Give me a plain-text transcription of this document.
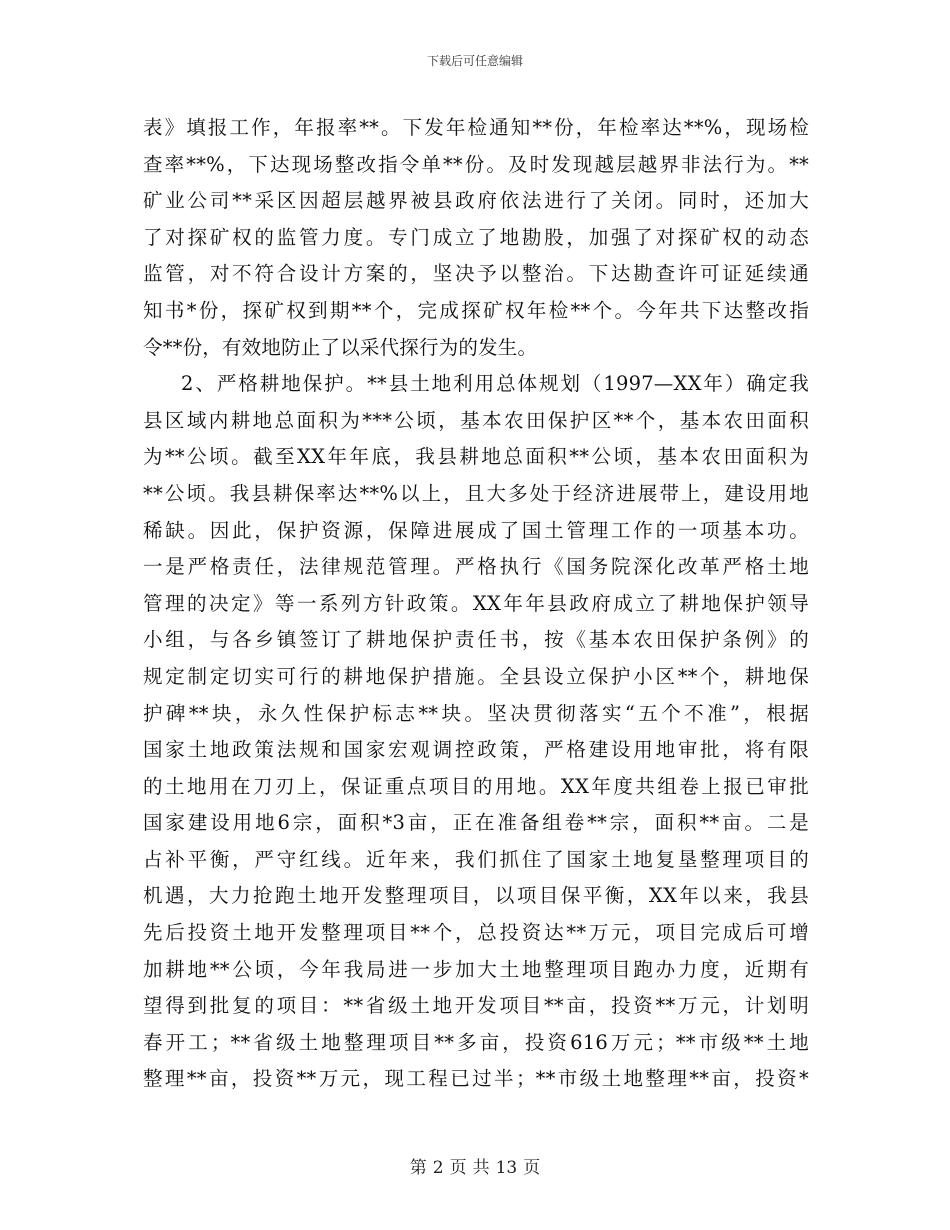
下载后可任意编辑
表》填报工作，年报率**。下发年检通知**份，年检率达**%，现场检
查率**%，下达现场整改指令单**份。及时发现越层越界非法行为。**
矿业公司**采区因超层越界被县政府依法进行了关闭。同时，还加大
了对探矿权的监管力度。专门成立了地勘股，加强了对探矿权的动态
监管，对不符合设计方案的，坚决予以整治。下达勘查许可证延续通
知书*份，探矿权到期**个，完成探矿权年检**个。今年共下达整改指
令**份，有效地防止了以采代探行为的发生。
2、严格耕地保护。**县土地利用总体规划（1997—XX年）确定我
县区域内耕地总面积为***公顷，基本农田保护区**个，基本农田面积
为**公顷。截至XX年年底，我县耕地总面积**公顷，基本农田面积为
**公顷。我县耕保率达**%以上，且大多处于经济进展带上，建设用地
稀缺。因此，保护资源，保障进展成了国土管理工作的一项基本功。
一是严格责任，法律规范管理。严格执行《国务院深化改革严格土地
管理的决定》等一系列方针政策。XX年年县政府成立了耕地保护领导
小组，与各乡镇签订了耕地保护责任书，按《基本农田保护条例》的
规定制定切实可行的耕地保护措施。全县设立保护小区**个，耕地保
护碑**块，永久性保护标志**块。坚决贯彻落实“五个不准”，根据
国家土地政策法规和国家宏观调控政策，严格建设用地审批，将有限
的土地用在刀刃上，保证重点项目的用地。XX年度共组卷上报已审批
国家建设用地6宗，面积*3亩，正在准备组卷**宗，面积**亩。二是
占补平衡，严守红线。近年来，我们抓住了国家土地复垦整理项目的
机遇，大力抢跑土地开发整理项目，以项目保平衡，XX年以来，我县
先后投资土地开发整理项目**个，总投资达**万元，项目完成后可增
加耕地**公顷，今年我局进一步加大土地整理项目跑办力度，近期有
望得到批复的项目：**省级土地开发项目**亩，投资**万元，计划明
春开工；**省级土地整理项目**多亩，投资616万元；**市级**土地
整理**亩，投资**万元，现工程已过半；**市级土地整理**亩，投资*
第 2 页 共 13 页
